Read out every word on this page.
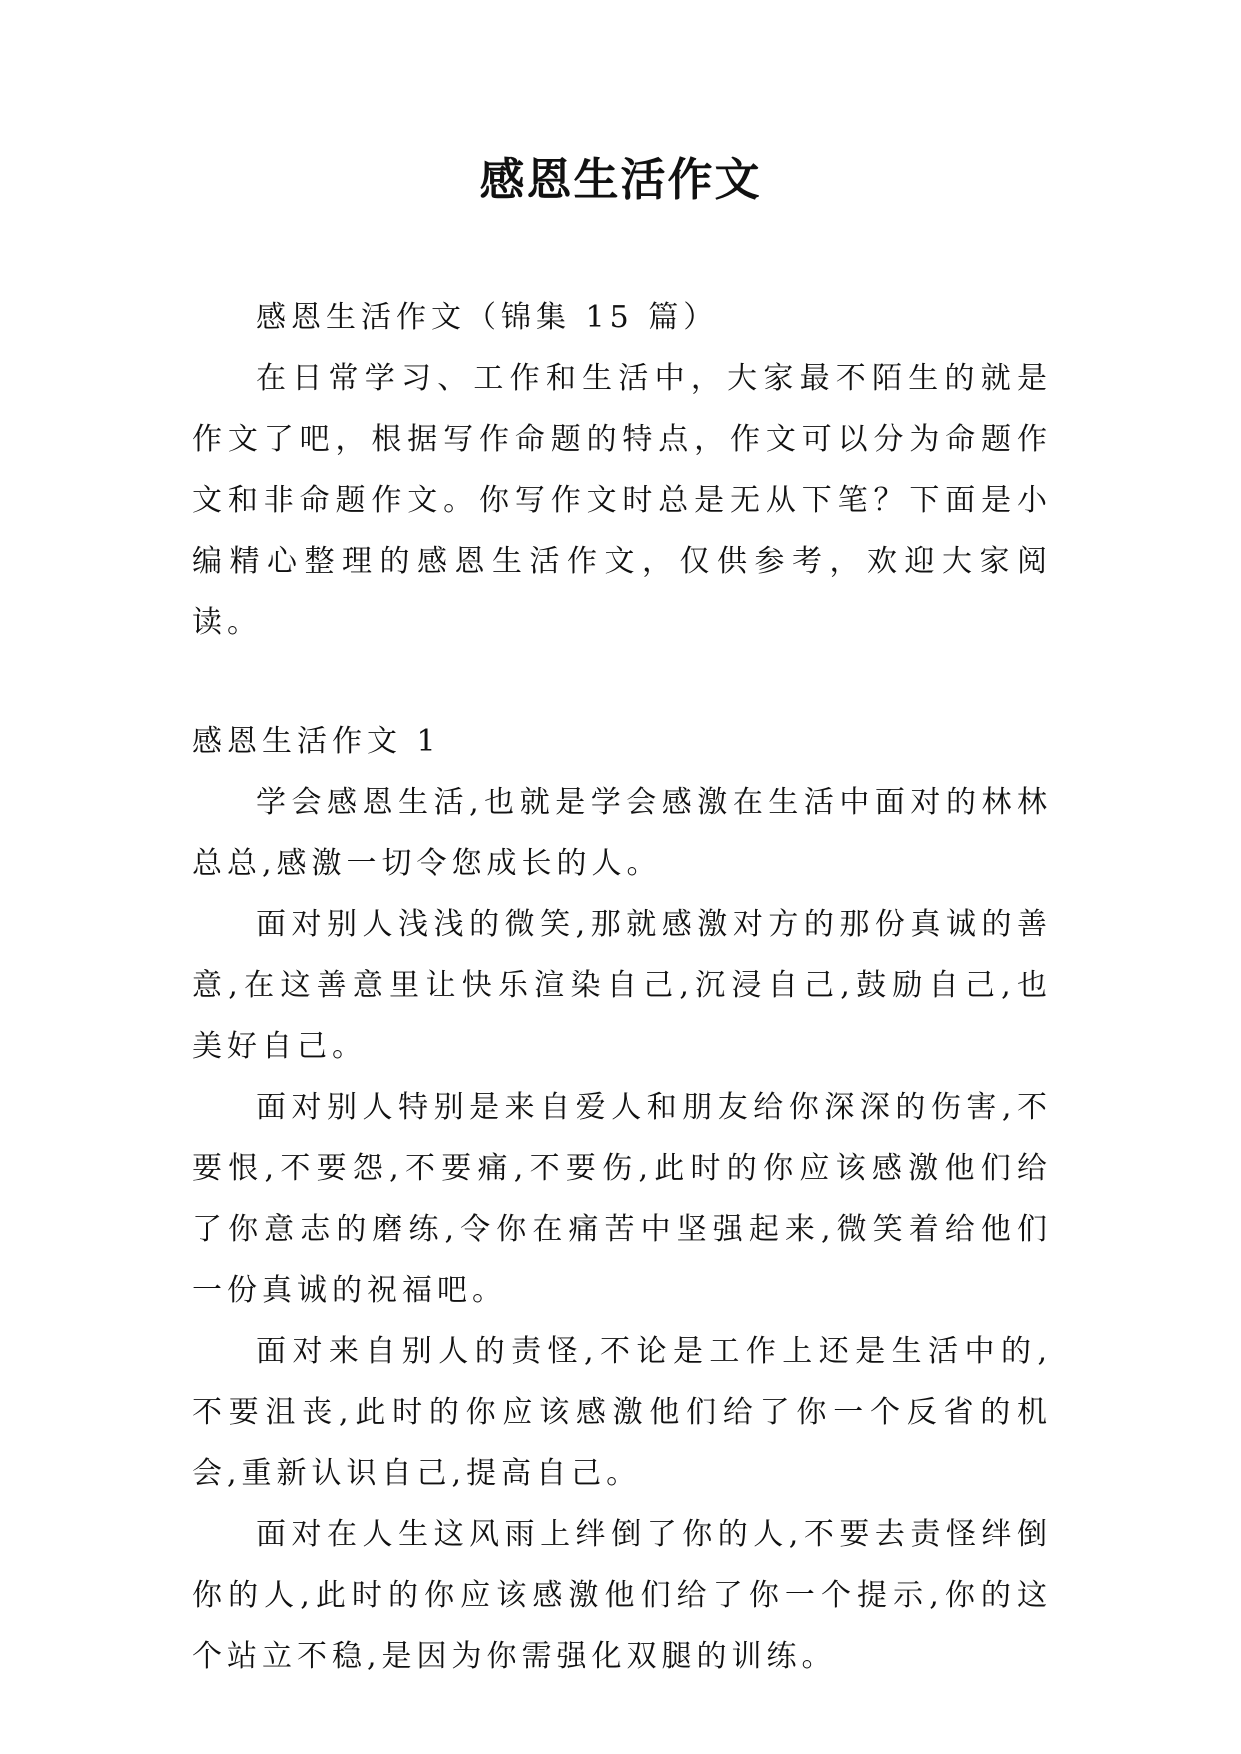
感恩生活作文

感恩生活作文（锦集 15 篇）

在日常学习、工作和生活中，大家最不陌生的就是作文了吧，根据写作命题的特点，作文可以分为命题作文和非命题作文。你写作文时总是无从下笔？下面是小编精心整理的感恩生活作文，仅供参考，欢迎大家阅读。

感恩生活作文 1

学会感恩生活,也就是学会感激在生活中面对的林林总总,感激一切令您成长的人。

面对别人浅浅的微笑,那就感激对方的那份真诚的善意,在这善意里让快乐渲染自己,沉浸自己,鼓励自己,也美好自己。

面对别人特别是来自爱人和朋友给你深深的伤害,不要恨,不要怨,不要痛,不要伤,此时的你应该感激他们给了你意志的磨练,令你在痛苦中坚强起来,微笑着给他们一份真诚的祝福吧。

面对来自别人的责怪,不论是工作上还是生活中的,不要沮丧,此时的你应该感激他们给了你一个反省的机会,重新认识自己,提高自己。

面对在人生这风雨上绊倒了你的人,不要去责怪绊倒你的人,此时的你应该感激他们给了你一个提示,你的这个站立不稳,是因为你需强化双腿的训练。
